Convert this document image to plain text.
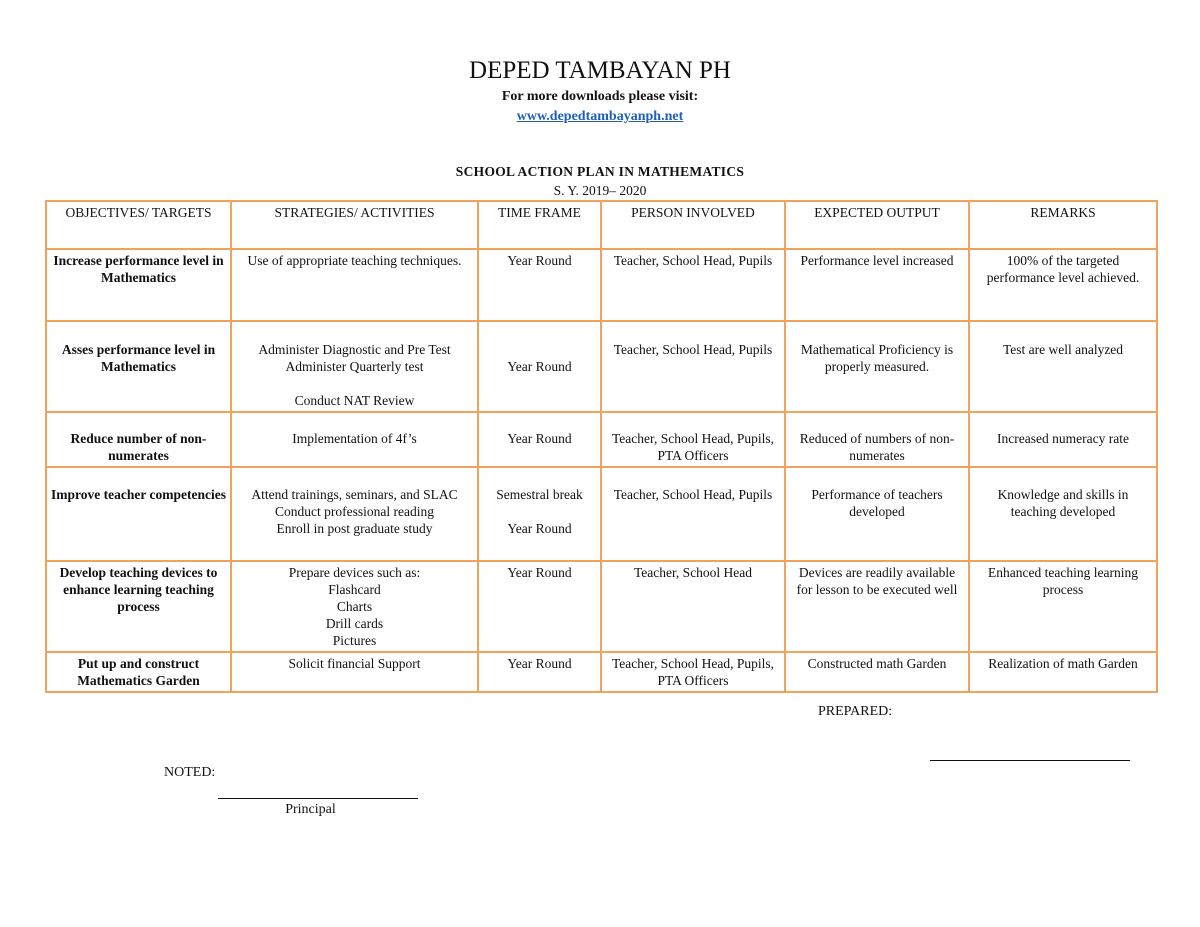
DEPED TAMBAYAN PH
For more downloads please visit:
www.depedtambayanph.net
SCHOOL ACTION PLAN IN MATHEMATICS
S. Y. 2019– 2020
OBJECTIVES/ TARGETS	STRATEGIES/ ACTIVITIES	TIME FRAME	PERSON INVOLVED	EXPECTED OUTPUT	REMARKS
Increase performance level in Mathematics	Use of appropriate teaching techniques.	Year Round	Teacher, School Head, Pupils	Performance level increased	100% of the targeted performance level achieved.
Asses performance level in Mathematics	Administer Diagnostic and Pre Test
Administer Quarterly test
Conduct NAT Review	Year Round	Teacher, School Head, Pupils	Mathematical Proficiency is properly measured.	Test are well analyzed
Reduce number of non-numerates	Implementation of 4f’s	Year Round	Teacher, School Head, Pupils, PTA Officers	Reduced of numbers of non-numerates	Increased numeracy rate
Improve teacher competencies	Attend trainings, seminars, and SLAC
Conduct professional reading
Enroll in post graduate study	Semestral break
Year Round	Teacher, School Head, Pupils	Performance of teachers developed	Knowledge and skills in teaching developed
Develop teaching devices to enhance learning teaching process	Prepare devices such as:
Flashcard
Charts
Drill cards
Pictures	Year Round	Teacher, School Head	Devices are readily available for lesson to be executed well	Enhanced teaching learning process
Put up and construct Mathematics Garden	Solicit financial Support	Year Round	Teacher, School Head, Pupils, PTA Officers	Constructed math Garden	Realization of math Garden
PREPARED:
NOTED:
Principal
